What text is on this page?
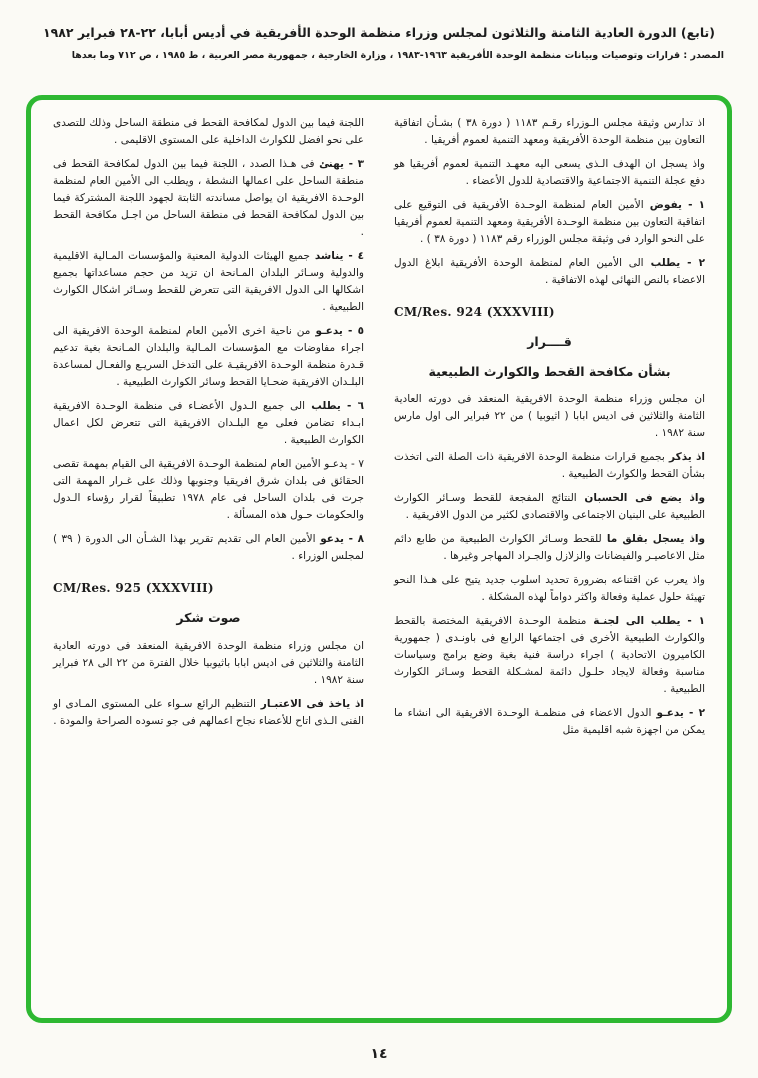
(تابع) الدورة العادية الثامنة والثلاثون لمجلس وزراء منظمة الوحدة الأفريقية في أديس أبابا، ٢٢-٢٨ فبراير ١٩٨٢
المصدر : قرارات وتوصيات وبيانات منظمة الوحدة الأفريقية ١٩٦٣-١٩٨٣ ، وزارة الخارجية ، جمهورية مصر العربية ، ط ١٩٨٥ ، ص ٧١٢ وما بعدها
اذ تدارس وثيقة مجلس الـوزراء رقـم ١١٨٣ ( دورة ٣٨ ) بشـأن اتفاقية التعاون بين منظمة الوحدة الأفريقية ومعهد التنمية لعموم أفريقيا .
واذ يسجل ان الهدف الـذى يسعى اليه معهـد التنمية لعموم أفريقيا هو دفع عجلة التنمية الاجتماعية والاقتصادية للدول الأعضاء .
١ - يفوض الأمين العام لمنظمة الوحـدة الأفريقية فى التوقيع على اتفاقية التعاون بين منظمة الوحـدة الأفريقية ومعهد التنمية لعموم أفريقيا على النحو الوارد فى وثيقة مجلس الوزراء رقم ١١٨٣ ( دورة ٣٨ ) .
٢ - يطلب الى الأمين العام لمنظمة الوحدة الأفريقية ابلاغ الدول الاعضاء بالنص النهائى لهذه الاتفاقية .
CM/Res. 924 (XXXVIII)
قــــرار
بشأن مكافحة القحط والكوارث الطبيعية
ان مجلس وزراء منظمة الوحدة الافريقية المنعقد فى دورته العادية الثامنة والثلاثين فى اديس ابابا ( اثيوبيا ) من ٢٢ فبراير الى اول مارس سنة ١٩٨٢ .
اذ يذكر بجميع قرارات منظمة الوحدة الافريقية ذات الصلة التى اتخذت بشأن القحط والكوارث الطبيعية .
واذ يضع فى الحسبان النتائج المفجعة للقحط وسـائر الكوارث الطبيعية على البنيان الاجتماعى والاقتصادى لكثير من الدول الافريقية .
واذ يسجل بقلق ما للقحط وسـائر الكوارث الطبيعية من طابع دائم مثل الاعاصيـر والفيضانات والزلازل والجـراد المهاجر وغيرها .
واذ يعرب عن اقتناعه بضرورة تحديد اسلوب جديد يتيح على هـذا النحو تهيئة حلول عملية وفعالة واكثر دواماً لهذه المشكلة .
١ - يطلب الى لجنـة منظمة الوحـدة الافريقية المختصة بالقحط والكوارث الطبيعية الأخرى فى اجتماعها الرابع فى باونـدى ( جمهورية الكاميرون الاتحادية ) اجراء دراسة فنية بغية وضع برامج وسياسات مناسبة وفعالة لايجاد حلـول دائمة لمشـكلة القحط وسـائر الكوارث الطبيعية .
٢ - يدعـو الدول الاعضاء فى منظمـة الوحـدة الافريقية الى انشاء ما يمكن من اجهزة شبه اقليمية مثل
اللجنة فيما بين الدول لمكافحة القحط فى منطقة الساحل وذلك للتصدى على نحو افضل للكوارث الداخلية على المستوى الاقليمى .
٣ - يهنئ فى هـذا الصدد ، اللجنة فيما بين الدول لمكافحة القحط فى منطقة الساحل على اعمالها النشطة ، ويطلب الى الأمين العام لمنظمة الوحـدة الافريقية ان يواصل مساندته الثابتة لجهود اللجنة المشتركة فيما بين الدول لمكافحة القحط فى منطقة الساحل من اجـل مكافحة القحط .
٤ - يناشد جميع الهيئات الدولية المعنية والمؤسسات المـالية الاقليمية والدولية وسـائر البلدان المـانحة ان تزيد من حجم مساعداتها بجميع اشكالها الى الدول الافريقية التى تتعرض للقحط وسـائر اشكال الكوارث الطبيعية .
٥ - يدعـو من ناحية اخرى الأمين العام لمنظمة الوحدة الافريقية الى اجراء مفاوضات مع المؤسسات المـالية والبلدان المـانحة بغية تدعيم قـدرة منظمة الوحـدة الافريقيـة على التدخل السريـع والفعـال لمساعدة البلـدان الافريقية ضحـايا القحط وسائر الكوارث الطبيعية .
٦ - يطلب الى جميع الـدول الأعضـاء فى منظمة الوحـدة الافريقية ابـداء تضامن فعلى مع البلـدان الافريقية التى تتعرض لكل اعمال الكوارث الطبيعية .
٧ - يدعـو الأمين العام لمنظمة الوحـدة الافريقية الى القيام بمهمة تقصى الحقائق فى بلدان شرق افريقيا وجنوبها وذلك على غـرار المهمة التى جرت فى بلدان الساحل فى عام ١٩٧٨ تطبيقاً لقرار رؤساء الـدول والحكومات حـول هذه المسألة .
٨ - يدعو الأمين العام الى تقديم تقرير بهذا الشـأن الى الدورة ( ٣٩ ) لمجلس الوزراء .
CM/Res. 925 (XXXVIII)
صوت شكر
ان مجلس وزراء منظمة الوحدة الافريقية المنعقد فى دورته العادية الثامنة والثلاثين فى اديس ابابا باثيوبيا خلال الفترة من ٢٢ الى ٢٨ فبراير سنة ١٩٨٢ .
اذ ياخذ فى الاعتبـار التنظيم الرائع سـواء على المستوى المـادى او الفنى الـذى اتاح للأعضاء نجاح اعمالهم فى جو تسوده الصراحة والمودة .
١٤
